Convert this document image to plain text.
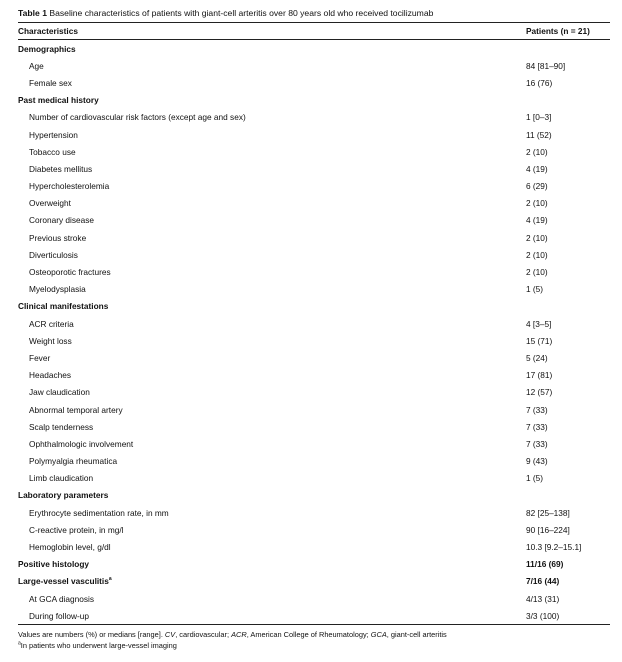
Table 1 Baseline characteristics of patients with giant-cell arteritis over 80 years old who received tocilizumab
Characteristics	Patients (n = 21)
Demographics	
Age	84 [81–90]
Female sex	16 (76)
Past medical history	
Number of cardiovascular risk factors (except age and sex)	1 [0–3]
Hypertension	11 (52)
Tobacco use	2 (10)
Diabetes mellitus	4 (19)
Hypercholesterolemia	6 (29)
Overweight	2 (10)
Coronary disease	4 (19)
Previous stroke	2 (10)
Diverticulosis	2 (10)
Osteoporotic fractures	2 (10)
Myelodysplasia	1 (5)
Clinical manifestations	
ACR criteria	4 [3–5]
Weight loss	15 (71)
Fever	5 (24)
Headaches	17 (81)
Jaw claudication	12 (57)
Abnormal temporal artery	7 (33)
Scalp tenderness	7 (33)
Ophthalmologic involvement	7 (33)
Polymyalgia rheumatica	9 (43)
Limb claudication	1 (5)
Laboratory parameters	
Erythrocyte sedimentation rate, in mm	82 [25–138]
C-reactive protein, in mg/l	90 [16–224]
Hemoglobin level, g/dl	10.3 [9.2–15.1]
Positive histology	11/16 (69)
Large-vessel vasculitis$^a$	7/16 (44)
At GCA diagnosis	4/13 (31)
During follow-up	3/3 (100)
Values are numbers (%) or medians [range]. CV, cardiovascular; ACR, American College of Rheumatology; GCA, giant-cell arteritis
$^a$In patients who underwent large-vessel imaging
